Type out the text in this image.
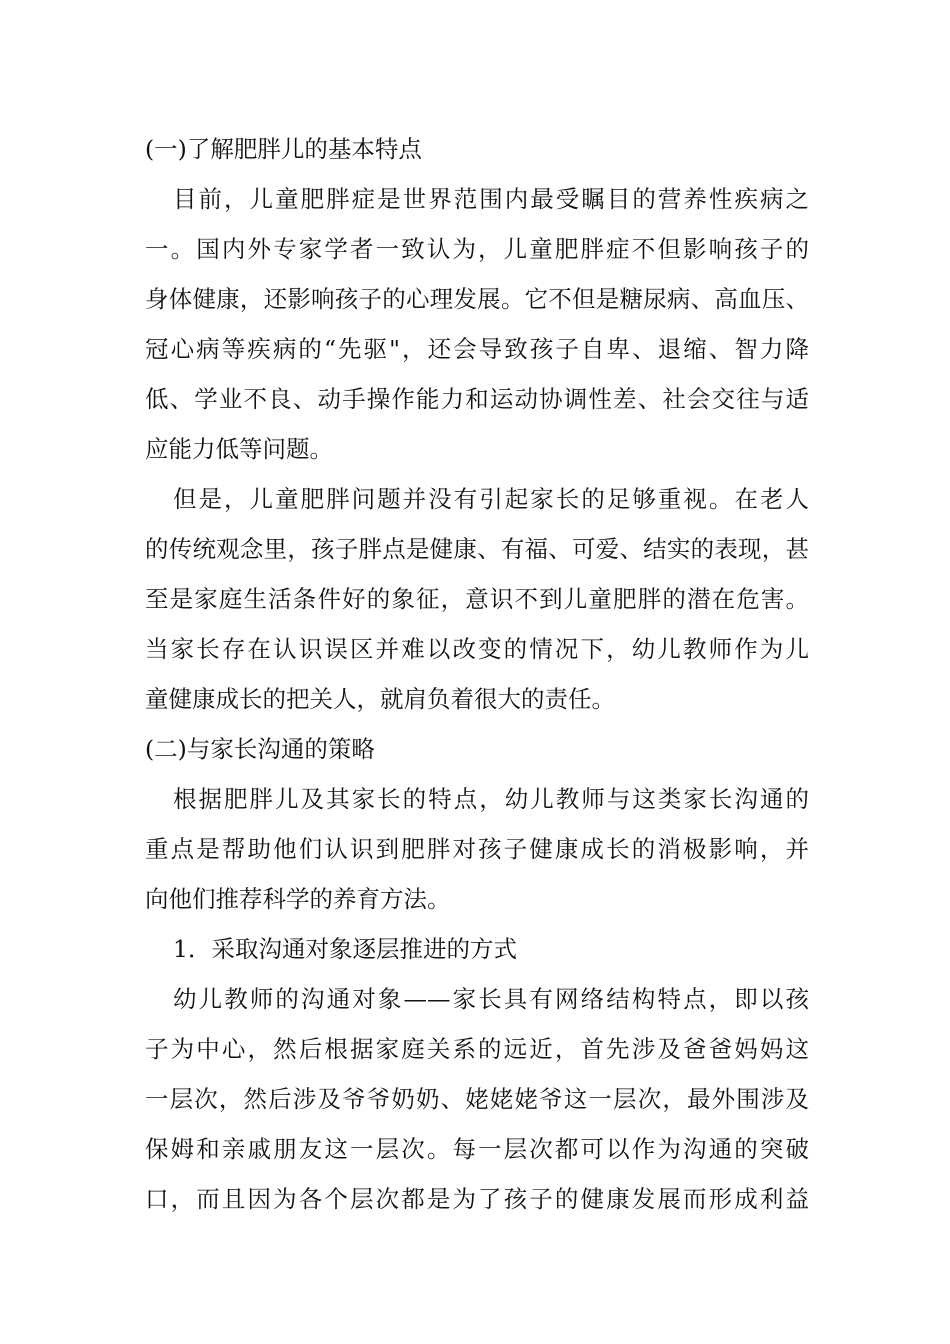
(一)了解肥胖儿的基本特点
目前，儿童肥胖症是世界范围内最受瞩目的营养性疾病之
一。国内外专家学者一致认为，儿童肥胖症不但影响孩子的
身体健康，还影响孩子的心理发展。它不但是糖尿病、高血压、
冠心病等疾病的“先驱"，还会导致孩子自卑、退缩、智力降
低、学业不良、动手操作能力和运动协调性差、社会交往与适
应能力低等问题。
但是，儿童肥胖问题并没有引起家长的足够重视。在老人
的传统观念里，孩子胖点是健康、有福、可爱、结实的表现，甚
至是家庭生活条件好的象征，意识不到儿童肥胖的潜在危害。
当家长存在认识误区并难以改变的情况下，幼儿教师作为儿
童健康成长的把关人，就肩负着很大的责任。
(二)与家长沟通的策略
根据肥胖儿及其家长的特点，幼儿教师与这类家长沟通的
重点是帮助他们认识到肥胖对孩子健康成长的消极影响，并
向他们推荐科学的养育方法。
1．采取沟通对象逐层推进的方式
幼儿教师的沟通对象——家长具有网络结构特点，即以孩
子为中心，然后根据家庭关系的远近，首先涉及爸爸妈妈这
一层次，然后涉及爷爷奶奶、姥姥姥爷这一层次，最外围涉及
保姆和亲戚朋友这一层次。每一层次都可以作为沟通的突破
口，而且因为各个层次都是为了孩子的健康发展而形成利益
